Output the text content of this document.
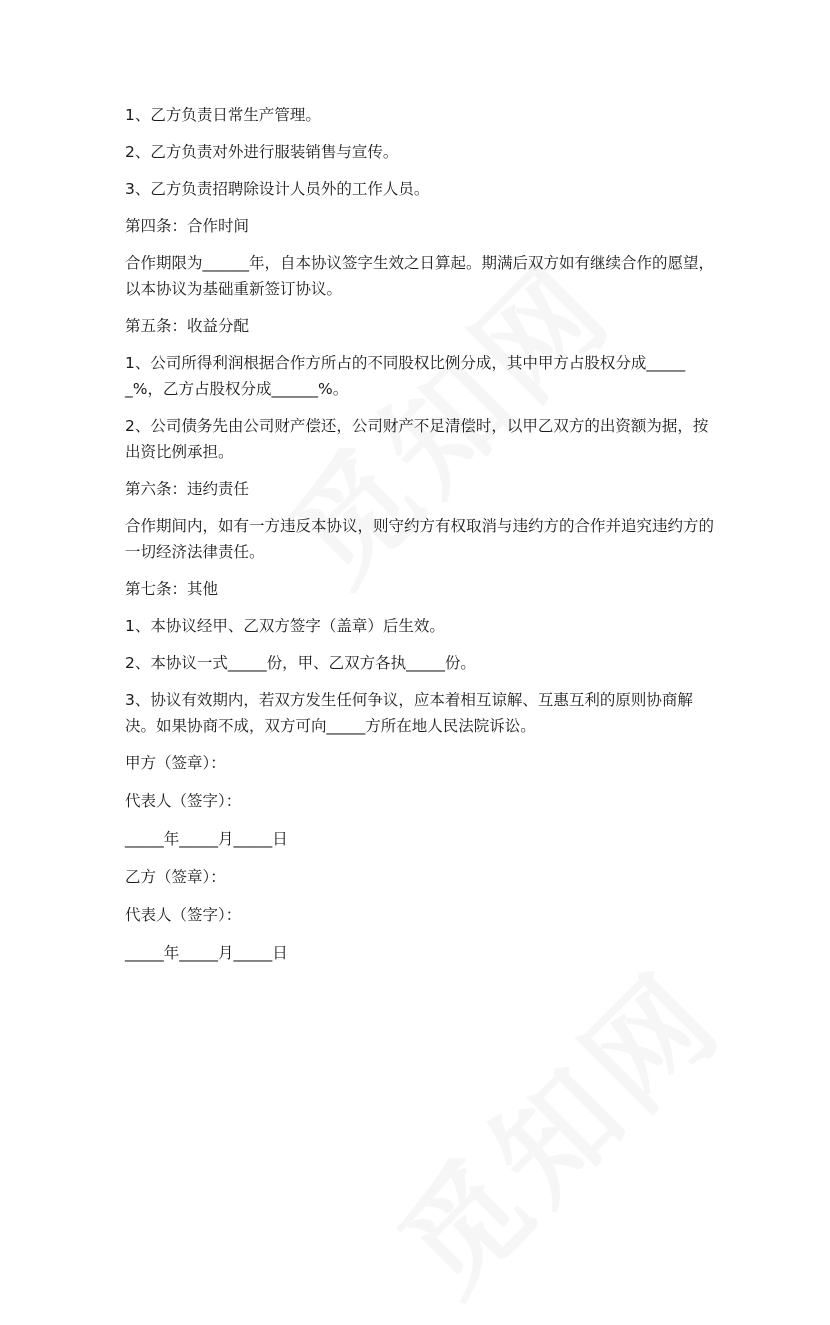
1、乙方负责日常生产管理。

2、乙方负责对外进行服装销售与宣传。

3、乙方负责招聘除设计人员外的工作人员。

第四条：合作时间

合作期限为______年，自本协议签字生效之日算起。期满后双方如有继续合作的愿望，以本协议为基础重新签订协议。

第五条：收益分配

1、公司所得利润根据合作方所占的不同股权比例分成，其中甲方占股权分成______%，乙方占股权分成______%。

2、公司债务先由公司财产偿还，公司财产不足清偿时，以甲乙双方的出资额为据，按出资比例承担。

第六条：违约责任

合作期间内，如有一方违反本协议，则守约方有权取消与违约方的合作并追究违约方的一切经济法律责任。

第七条：其他

1、本协议经甲、乙双方签字（盖章）后生效。

2、本协议一式_____份，甲、乙双方各执_____份。

3、协议有效期内，若双方发生任何争议，应本着相互谅解、互惠互利的原则协商解决。如果协商不成，双方可向_____方所在地人民法院诉讼。

甲方（签章）：

代表人（签字）：

_____年_____月_____日

乙方（签章）：

代表人（签字）：

_____年_____月_____日
